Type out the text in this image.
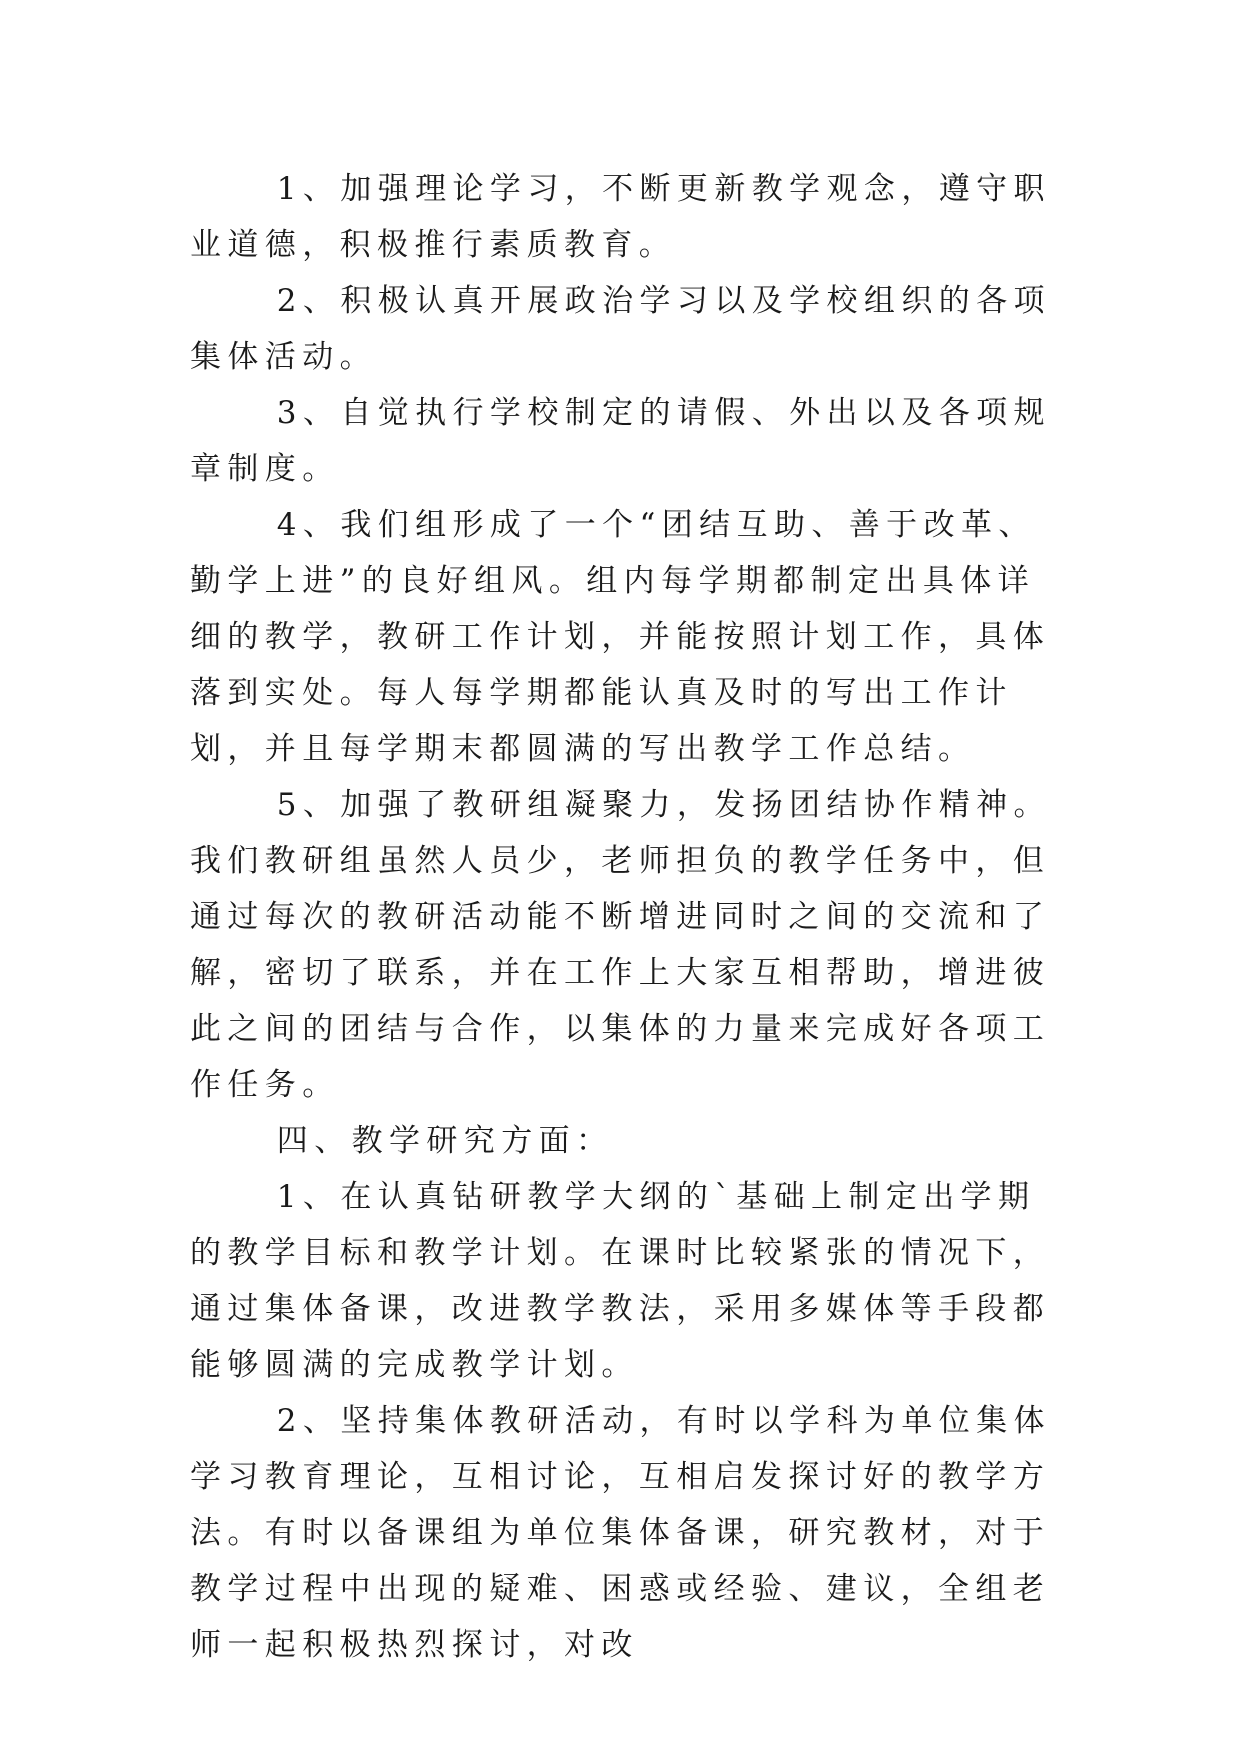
1、加强理论学习，不断更新教学观念，遵守职业道德，积极推行素质教育。

2、积极认真开展政治学习以及学校组织的各项集体活动。

3、自觉执行学校制定的请假、外出以及各项规章制度。

4、我们组形成了一个“团结互助、善于改革、勤学上进”的良好组风。组内每学期都制定出具体详细的教学，教研工作计划，并能按照计划工作，具体落到实处。每人每学期都能认真及时的写出工作计划，并且每学期末都圆满的写出教学工作总结。

5、加强了教研组凝聚力，发扬团结协作精神。我们教研组虽然人员少，老师担负的教学任务中，但通过每次的教研活动能不断增进同时之间的交流和了解，密切了联系，并在工作上大家互相帮助，增进彼此之间的团结与合作，以集体的力量来完成好各项工作任务。

四、教学研究方面：

1、在认真钻研教学大纲的`基础上制定出学期的教学目标和教学计划。在课时比较紧张的情况下，通过集体备课，改进教学教法，采用多媒体等手段都能够圆满的完成教学计划。

2、坚持集体教研活动，有时以学科为单位集体学习教育理论，互相讨论，互相启发探讨好的教学方法。有时以备课组为单位集体备课，研究教材，对于教学过程中出现的疑难、困惑或经验、建议，全组老师一起积极热烈探讨，对改
